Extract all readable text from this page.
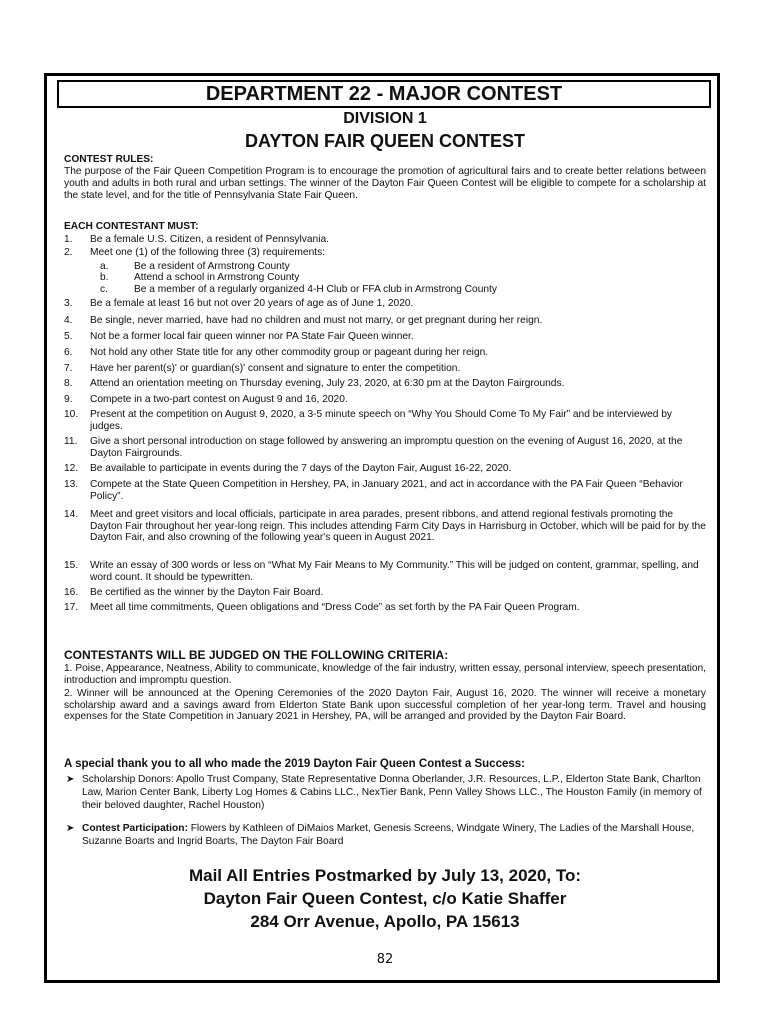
DEPARTMENT 22 - MAJOR CONTEST
DIVISION 1
DAYTON FAIR QUEEN CONTEST
CONTEST RULES:
The purpose of the Fair Queen Competition Program is to encourage the promotion of agricultural fairs and to create better relations between youth and adults in both rural and urban settings. The winner of the Dayton Fair Queen Contest will be eligible to compete for a scholarship at the state level, and for the title of Pennsylvania State Fair Queen.
EACH CONTESTANT MUST:
1.	Be a female U.S. Citizen, a resident of Pennsylvania.
2.	Meet one (1) of the following three (3) requirements:
3.	Be a female at least 16 but not over 20 years of age as of June 1, 2020.
4.	Be single, never married, have had no children and must not marry, or get pregnant during her reign.
5.	Not be a former local fair queen winner nor PA State Fair Queen winner.
6.	Not hold any other State title for any other commodity group or pageant during her reign.
7.	Have her parent(s)' or guardian(s)' consent and signature to enter the competition.
8.	Attend an orientation meeting on Thursday evening, July 23, 2020, at 6:30 pm at the Dayton Fairgrounds.
9.	Compete in a two-part contest on August 9 and 16, 2020.
10.	Present at the competition on August 9, 2020, a 3-5 minute speech on “Why You Should Come To My Fair” and be interviewed by judges.
11.	Give a short personal introduction on stage followed by answering an impromptu question on the evening of August 16, 2020, at the Dayton Fairgrounds.
12.	Be available to participate in events during the 7 days of the Dayton Fair, August 16-22, 2020.
13.	Compete at the State Queen Competition in Hershey, PA, in January 2021, and act in accordance with the PA Fair Queen “Behavior Policy”.
14.	Meet and greet visitors and local officials, participate in area parades, present ribbons, and attend regional festivals promoting the Dayton Fair throughout her year-long reign. This includes attending Farm City Days in Harrisburg in October, which will be paid for by the Dayton Fair, and also crowning of the following year's queen in August 2021.
15.	Write an essay of 300 words or less on “What My Fair Means to My Community.” This will be judged on content, grammar, spelling, and word count. It should be typewritten.
16.	Be certified as the winner by the Dayton Fair Board.
17.	Meet all time commitments, Queen obligations and “Dress Code” as set forth by the PA Fair Queen Program.
a.	Be a resident of Armstrong County
b.	Attend a school in Armstrong County
c.	Be a member of a regularly organized 4-H Club or FFA club in Armstrong County
CONTESTANTS WILL BE JUDGED ON THE FOLLOWING CRITERIA:
1. Poise, Appearance, Neatness, Ability to communicate, knowledge of the fair industry, written essay, personal interview, speech presentation, introduction and impromptu question.
2. Winner will be announced at the Opening Ceremonies of the 2020 Dayton Fair, August 16, 2020. The winner will receive a monetary scholarship award and a savings award from Elderton State Bank upon successful completion of her year-long term. Travel and housing expenses for the State Competition in January 2021 in Hershey, PA, will be arranged and provided by the Dayton Fair Board.
A special thank you to all who made the 2019 Dayton Fair Queen Contest a Success:
➤ Scholarship Donors: Apollo Trust Company, State Representative Donna Oberlander, J.R. Resources, L.P., Elderton State Bank, Charlton Law, Marion Center Bank, Liberty Log Homes & Cabins LLC., NexTier Bank, Penn Valley Shows LLC., The Houston Family (in memory of their beloved daughter, Rachel Houston)
➤ Contest Participation: Flowers by Kathleen of DiMaios Market, Genesis Screens, Windgate Winery, The Ladies of the Marshall House, Suzanne Boarts and Ingrid Boarts, The Dayton Fair Board
Mail All Entries Postmarked by July 13, 2020, To:
Dayton Fair Queen Contest, c/o Katie Shaffer
284 Orr Avenue, Apollo, PA 15613
82
